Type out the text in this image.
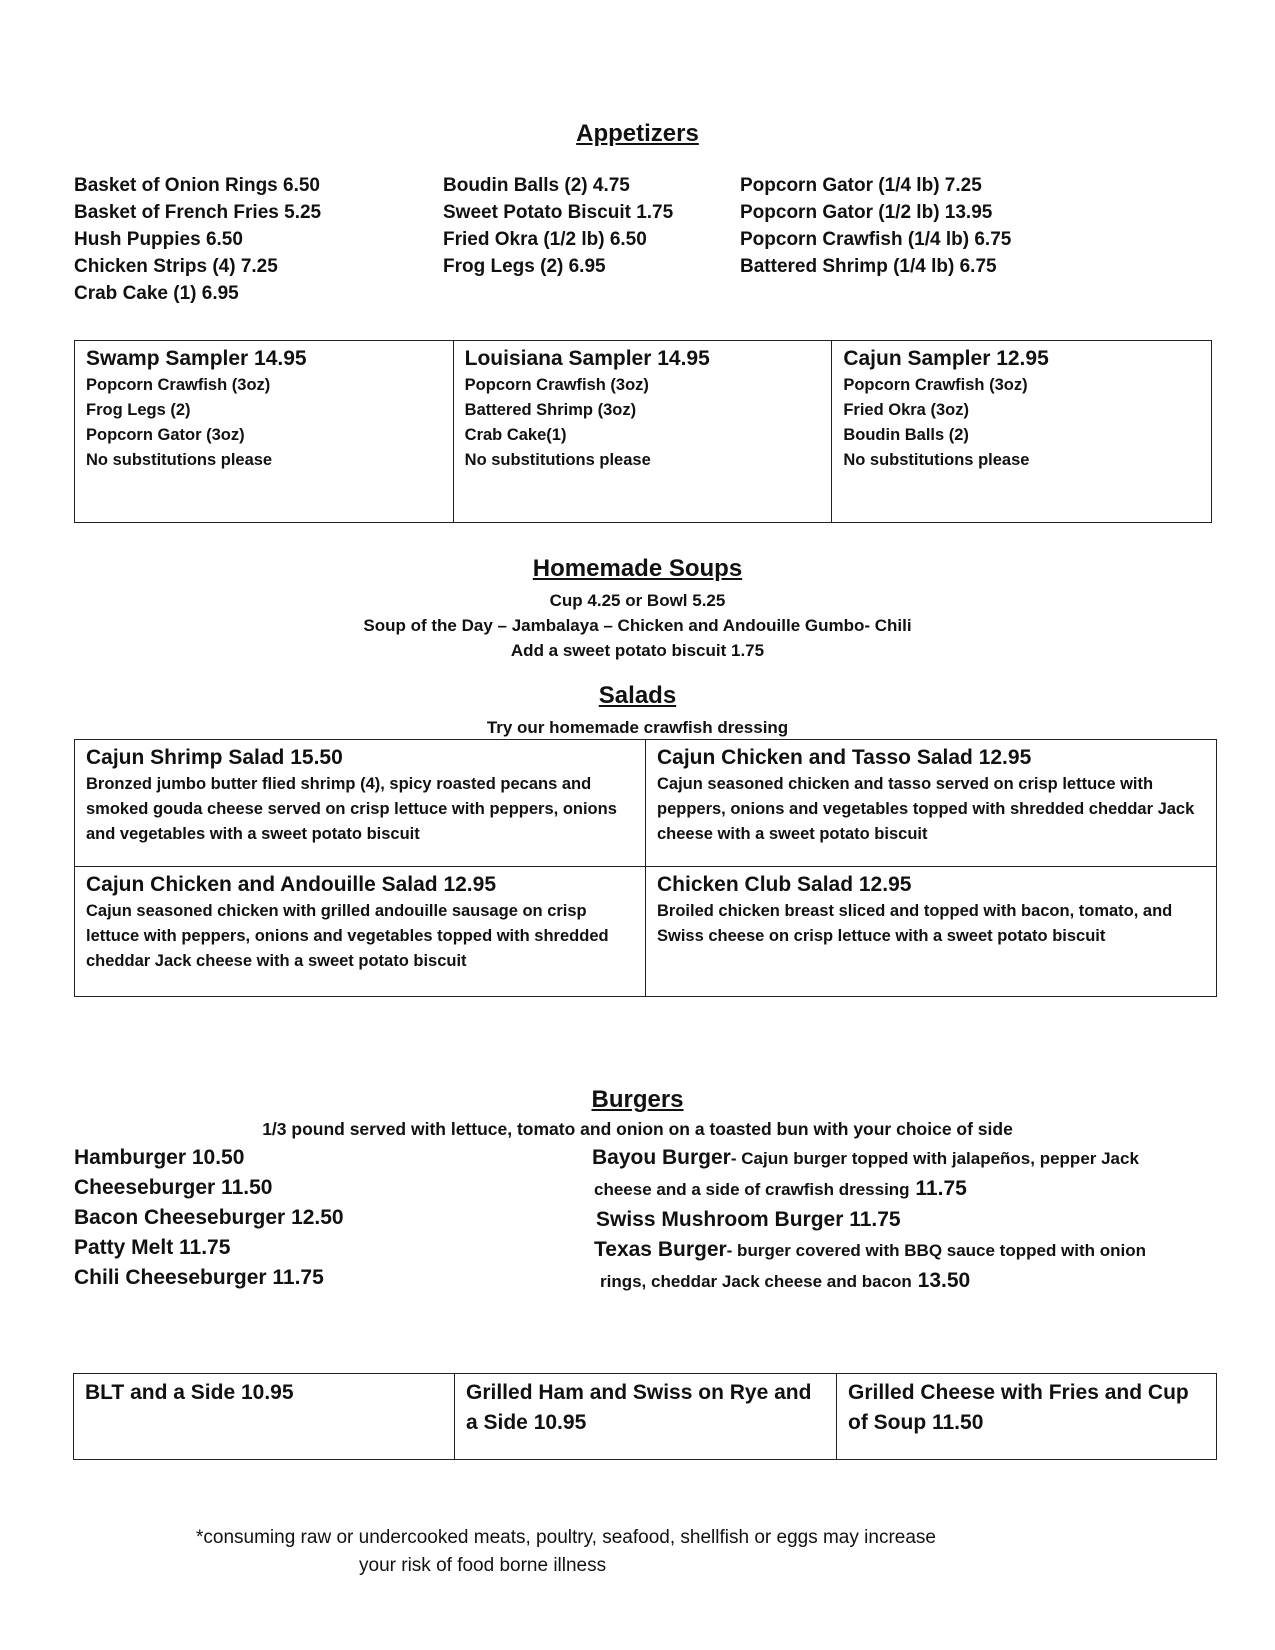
Appetizers
Basket of Onion Rings 6.50
Basket of French Fries 5.25
Hush Puppies 6.50
Chicken Strips (4) 7.25
Crab Cake (1) 6.95
Boudin Balls (2) 4.75
Sweet Potato Biscuit 1.75
Fried Okra (1/2 lb) 6.50
Frog Legs (2) 6.95
Popcorn Gator (1/4 lb) 7.25
Popcorn Gator (1/2 lb) 13.95
Popcorn Crawfish (1/4 lb) 6.75
Battered Shrimp (1/4 lb) 6.75
Swamp Sampler 14.95
Popcorn Crawfish (3oz)
Frog Legs (2)
Popcorn Gator (3oz)
No substitutions please
Louisiana Sampler 14.95
Popcorn Crawfish (3oz)
Battered Shrimp (3oz)
Crab Cake(1)
No substitutions please
Cajun Sampler 12.95
Popcorn Crawfish (3oz)
Fried Okra (3oz)
Boudin Balls (2)
No substitutions please
Homemade Soups
Cup 4.25 or Bowl 5.25
Soup of the Day – Jambalaya – Chicken and Andouille Gumbo- Chili
Add a sweet potato biscuit 1.75
Salads
Try our homemade crawfish dressing
Cajun Shrimp Salad 15.50
Bronzed jumbo butter flied shrimp (4), spicy roasted pecans and smoked gouda cheese served on crisp lettuce with peppers, onions and vegetables with a sweet potato biscuit
Cajun Chicken and Tasso Salad 12.95
Cajun seasoned chicken and tasso served on crisp lettuce with peppers, onions and vegetables topped with shredded cheddar Jack cheese with a sweet potato biscuit
Cajun Chicken and Andouille Salad 12.95
Cajun seasoned chicken with grilled andouille sausage on crisp lettuce with peppers, onions and vegetables topped with shredded cheddar Jack cheese with a sweet potato biscuit
Chicken Club Salad 12.95
Broiled chicken breast sliced and topped with bacon, tomato, and Swiss cheese on crisp lettuce with a sweet potato biscuit
Burgers
1/3 pound served with lettuce, tomato and onion on a toasted bun with your choice of side
Hamburger 10.50
Cheeseburger 11.50
Bacon Cheeseburger 12.50
Patty Melt 11.75
Chili Cheeseburger 11.75
Bayou Burger- Cajun burger topped with jalapeños, pepper Jack
cheese and a side of crawfish dressing 11.75
Swiss Mushroom Burger 11.75
Texas Burger- burger covered with BBQ sauce topped with onion
rings, cheddar Jack cheese and bacon 13.50
BLT and a Side 10.95	Grilled Ham and Swiss on Rye and a Side 10.95
Grilled Cheese with Fries and Cup of Soup 11.50
*consuming raw or undercooked meats, poultry, seafood, shellfish or eggs may increase
your risk of food borne illness
